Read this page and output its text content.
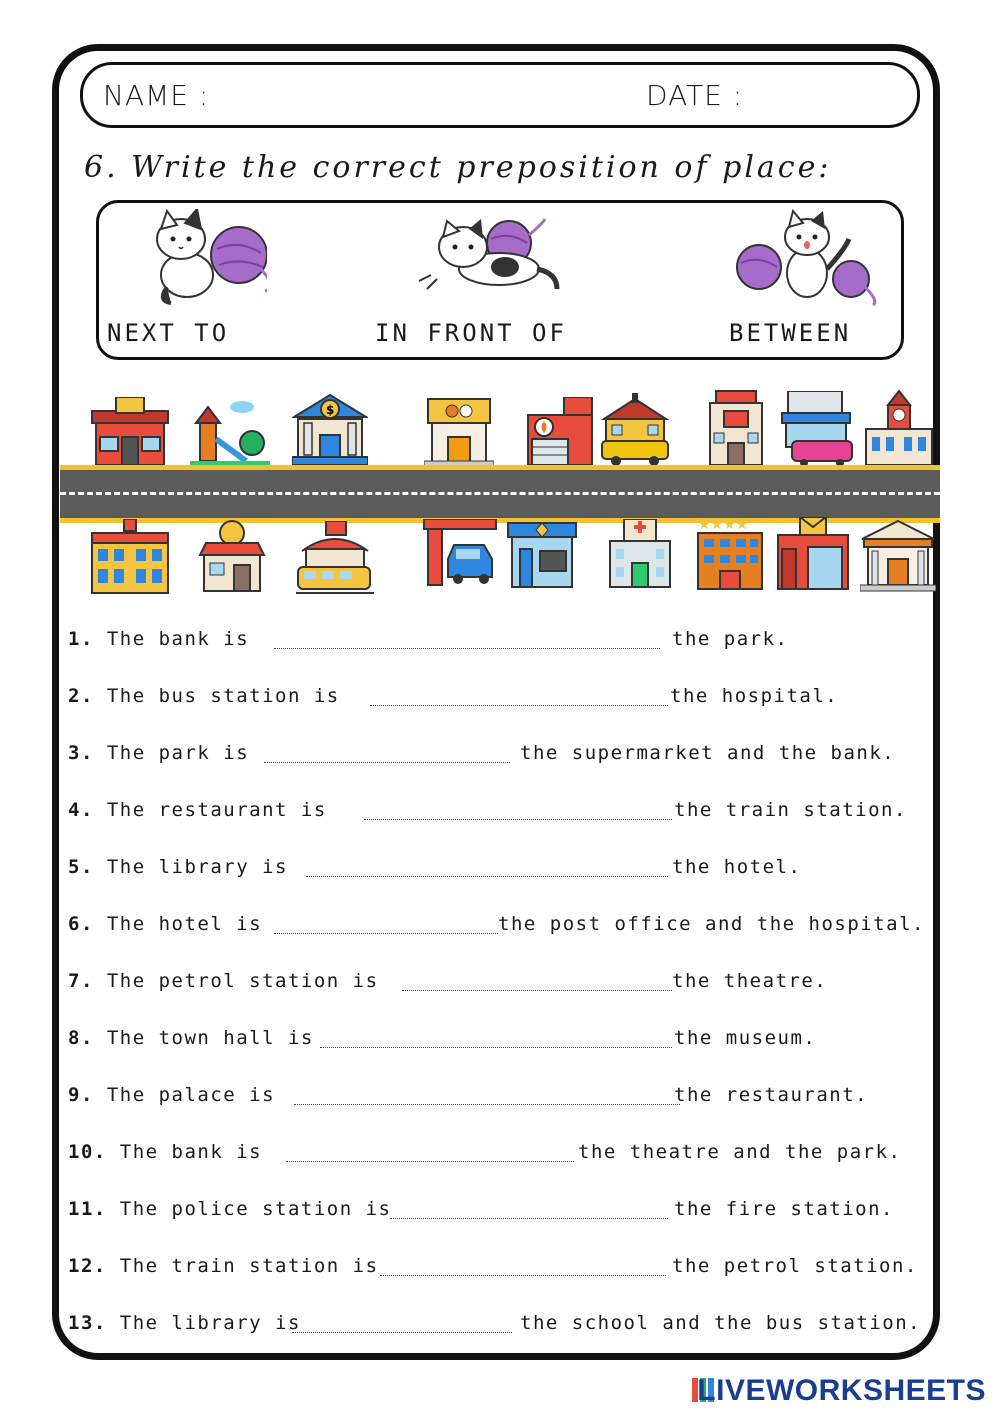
NAME :	DATE :
6. Write the correct preposition of place:
NEXT TO	IN FRONT OF	BETWEEN
$
★★★★
1. The bank is	the park.
2. The bus station is	the hospital.
3. The park is	the supermarket and the bank.
4. The restaurant is	the train station.
5. The library is	the hotel.
6. The hotel is	the post office and the hospital.
7. The petrol station is	the theatre.
8. The town hall is	the museum.
9. The palace is	the restaurant.
10. The bank is	the theatre and the park.
11. The police station is	the fire station.
12. The train station is	the petrol station.
13. The library is	the school and the bus station.
LIVEWORKSHEETS
